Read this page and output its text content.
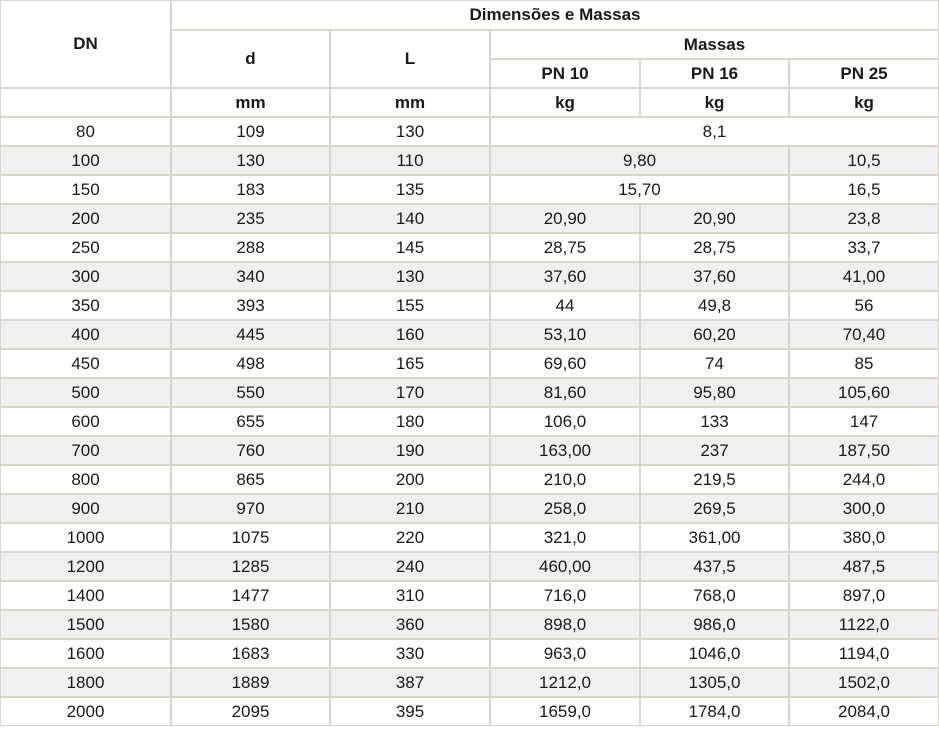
DN	Dimensões e Massas				
	d	L	Massas		
			PN 10	PN 16	PN 25
	mm	mm	kg	kg	kg
80	109	130	8,1		
100	130	110	9,80		10,5
150	183	135	15,70		16,5
200	235	140	20,90	20,90	23,8
250	288	145	28,75	28,75	33,7
300	340	130	37,60	37,60	41,00
350	393	155	44	49,8	56
400	445	160	53,10	60,20	70,40
450	498	165	69,60	74	85
500	550	170	81,60	95,80	105,60
600	655	180	106,0	133	147
700	760	190	163,00	237	187,50
800	865	200	210,0	219,5	244,0
900	970	210	258,0	269,5	300,0
1000	1075	220	321,0	361,00	380,0
1200	1285	240	460,00	437,5	487,5
1400	1477	310	716,0	768,0	897,0
1500	1580	360	898,0	986,0	1122,0
1600	1683	330	963,0	1046,0	1194,0
1800	1889	387	1212,0	1305,0	1502,0
2000	2095	395	1659,0	1784,0	2084,0
